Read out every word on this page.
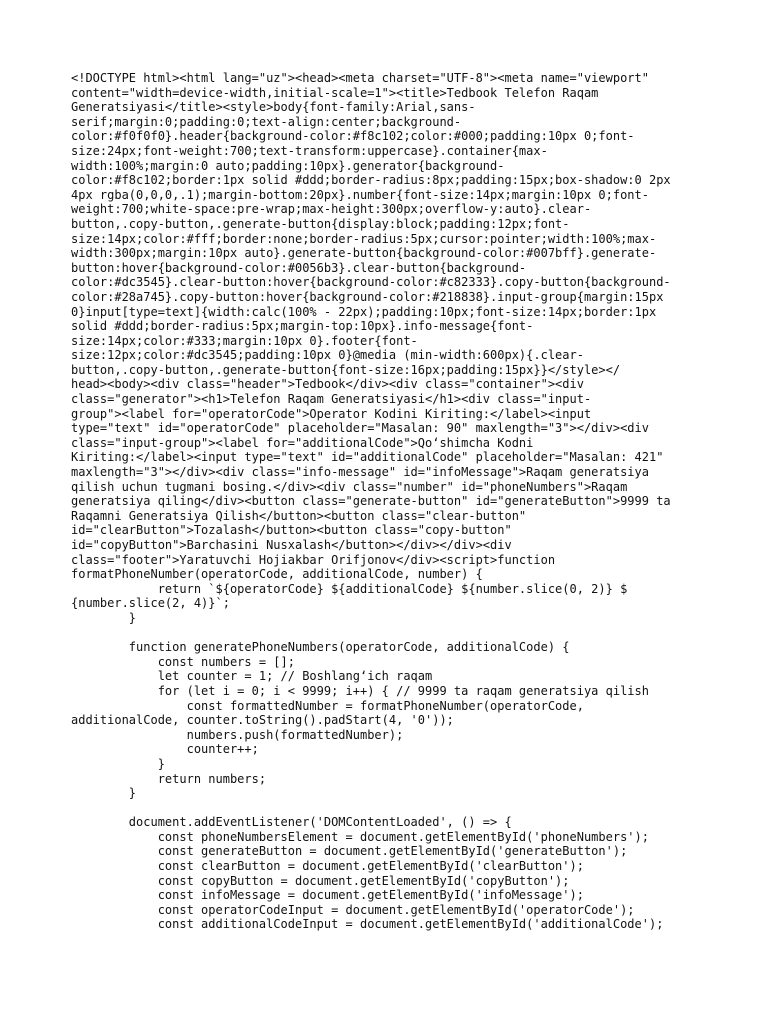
<!DOCTYPE html><html lang="uz"><head><meta charset="UTF-8"><meta name="viewport"
content="width=device-width,initial-scale=1"><title>Tedbook Telefon Raqam
Generatsiyasi</title><style>body{font-family:Arial,sans-
serif;margin:0;padding:0;text-align:center;background-
color:#f0f0f0}.header{background-color:#f8c102;color:#000;padding:10px 0;font-
size:24px;font-weight:700;text-transform:uppercase}.container{max-
width:100%;margin:0 auto;padding:10px}.generator{background-
color:#f8c102;border:1px solid #ddd;border-radius:8px;padding:15px;box-shadow:0 2px
4px rgba(0,0,0,.1);margin-bottom:20px}.number{font-size:14px;margin:10px 0;font-
weight:700;white-space:pre-wrap;max-height:300px;overflow-y:auto}.clear-
button,.copy-button,.generate-button{display:block;padding:12px;font-
size:14px;color:#fff;border:none;border-radius:5px;cursor:pointer;width:100%;max-
width:300px;margin:10px auto}.generate-button{background-color:#007bff}.generate-
button:hover{background-color:#0056b3}.clear-button{background-
color:#dc3545}.clear-button:hover{background-color:#c82333}.copy-button{background-
color:#28a745}.copy-button:hover{background-color:#218838}.input-group{margin:15px
0}input[type=text]{width:calc(100% - 22px);padding:10px;font-size:14px;border:1px
solid #ddd;border-radius:5px;margin-top:10px}.info-message{font-
size:14px;color:#333;margin:10px 0}.footer{font-
size:12px;color:#dc3545;padding:10px 0}@media (min-width:600px){.clear-
button,.copy-button,.generate-button{font-size:16px;padding:15px}}</style></
head><body><div class="header">Tedbook</div><div class="container"><div
class="generator"><h1>Telefon Raqam Generatsiyasi</h1><div class="input-
group"><label for="operatorCode">Operator Kodini Kiriting:</label><input
type="text" id="operatorCode" placeholder="Masalan: 90" maxlength="3"></div><div
class="input-group"><label for="additionalCode">Qo‘shimcha Kodni
Kiriting:</label><input type="text" id="additionalCode" placeholder="Masalan: 421"
maxlength="3"></div><div class="info-message" id="infoMessage">Raqam generatsiya
qilish uchun tugmani bosing.</div><div class="number" id="phoneNumbers">Raqam
generatsiya qiling</div><button class="generate-button" id="generateButton">9999 ta
Raqamni Generatsiya Qilish</button><button class="clear-button"
id="clearButton">Tozalash</button><button class="copy-button"
id="copyButton">Barchasini Nusxalash</button></div></div><div
class="footer">Yaratuvchi Hojiakbar Orifjonov</div><script>function
formatPhoneNumber(operatorCode, additionalCode, number) {
return `${operatorCode} ${additionalCode} ${number.slice(0, 2)} $
{number.slice(2, 4)}`;
}
function generatePhoneNumbers(operatorCode, additionalCode) {
const numbers = [];
let counter = 1; // Boshlang‘ich raqam
for (let i = 0; i < 9999; i++) { // 9999 ta raqam generatsiya qilish
const formattedNumber = formatPhoneNumber(operatorCode,
additionalCode, counter.toString().padStart(4, '0'));
numbers.push(formattedNumber);
counter++;
}
return numbers;
}
document.addEventListener('DOMContentLoaded', () => {
const phoneNumbersElement = document.getElementById('phoneNumbers');
const generateButton = document.getElementById('generateButton');
const clearButton = document.getElementById('clearButton');
const copyButton = document.getElementById('copyButton');
const infoMessage = document.getElementById('infoMessage');
const operatorCodeInput = document.getElementById('operatorCode');
const additionalCodeInput = document.getElementById('additionalCode');
